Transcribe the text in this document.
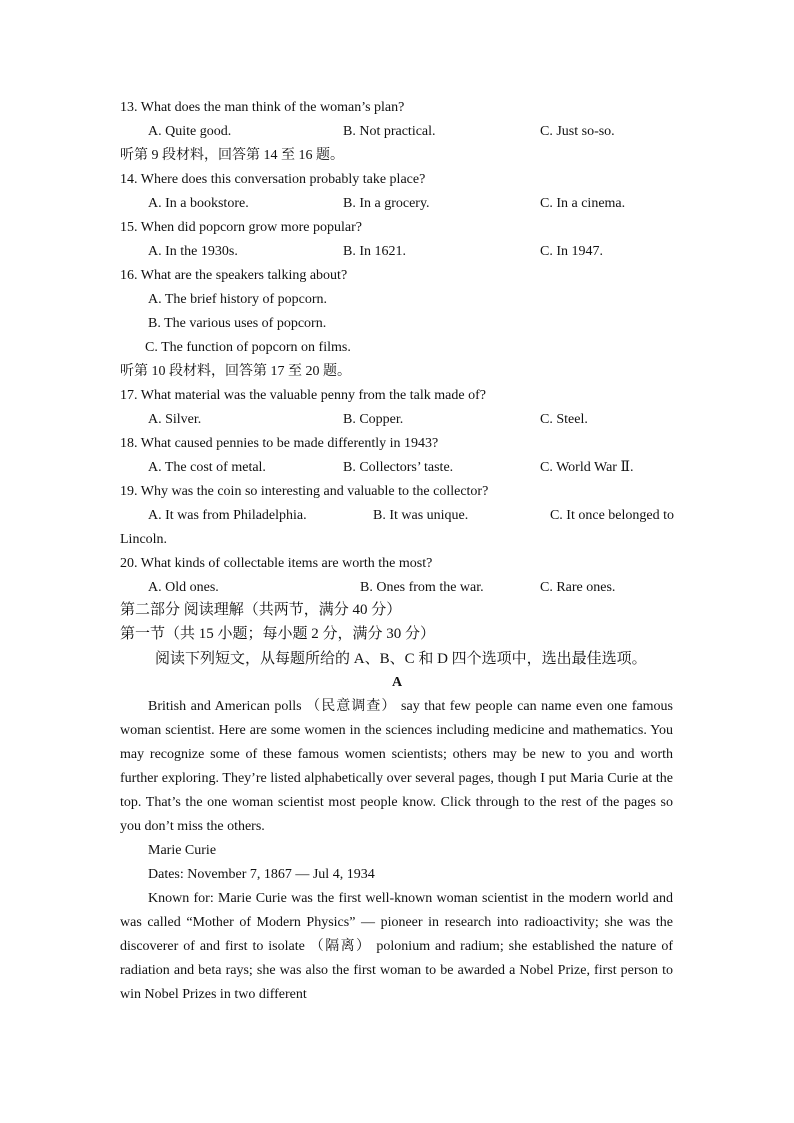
13. What does the man think of the woman’s plan?
A. Quite good.	B. Not practical.	C. Just so-so.
听第 9 段材料，回答第 14 至 16 题。
14. Where does this conversation probably take place?
A. In a bookstore.	B. In a grocery.	C. In a cinema.
15. When did popcorn grow more popular?
A. In the 1930s.	B. In 1621.	C. In 1947.
16. What are the speakers talking about?
A. The brief history of popcorn.
B. The various uses of popcorn.
C. The function of popcorn on films.
听第 10 段材料，回答第 17 至 20 题。
17. What material was the valuable penny from the talk made of?
A. Silver.	B. Copper.	C. Steel.
18. What caused pennies to be made differently in 1943?
A. The cost of metal.	B. Collectors’ taste.	C. World War Ⅱ.
19. Why was the coin so interesting and valuable to the collector?
A. It was from Philadelphia.	B. It was unique.	C. It once belonged to
Lincoln.
20. What kinds of collectable items are worth the most?
A. Old ones.	B. Ones from the war.	C. Rare ones.
第二部分 阅读理解（共两节，满分 40 分）
第一节（共 15 小题；每小题 2 分，满分 30 分）
阅读下列短文，从每题所给的 A、B、C 和 D 四个选项中，选出最佳选项。
A

British and American polls （民意调查） say that few people can name even one famous woman scientist. Here are some women in the sciences including medicine and mathematics. You may recognize some of these famous women scientists; others may be new to you and worth further exploring. They’re listed alphabetically over several pages, though I put Maria Curie at the top. That’s the one woman scientist most people know. Click through to the rest of the pages so you don’t miss the others.

Marie Curie

Dates: November 7, 1867 — Jul 4, 1934

Known for: Marie Curie was the first well-known woman scientist in the modern world and was called “Mother of Modern Physics” — pioneer in research into radioactivity; she was the discoverer of and first to isolate （隔离） polonium and radium; she established the nature of radiation and beta rays; she was also the first woman to be awarded a Nobel Prize, first person to win Nobel Prizes in two different
